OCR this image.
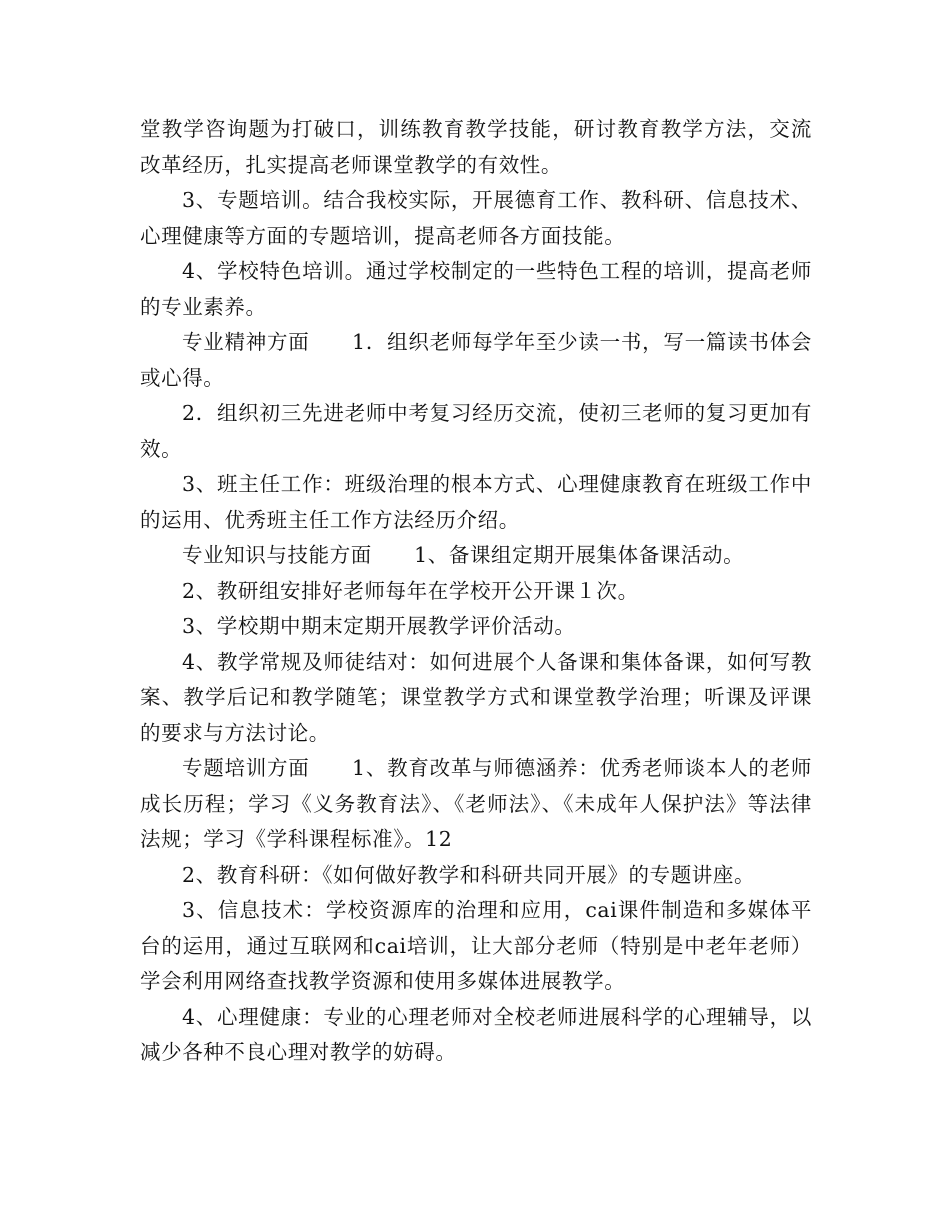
堂教学咨询题为打破口，训练教育教学技能，研讨教育教学方法，交流改革经历，扎实提高老师课堂教学的有效性。

3、专题培训。结合我校实际，开展德育工作、教科研、信息技术、心理健康等方面的专题培训，提高老师各方面技能。

4、学校特色培训。通过学校制定的一些特色工程的培训，提高老师的专业素养。

专业精神方面　　1．组织老师每学年至少读一书，写一篇读书体会或心得。

2．组织初三先进老师中考复习经历交流，使初三老师的复习更加有效。

3、班主任工作：班级治理的根本方式、心理健康教育在班级工作中的运用、优秀班主任工作方法经历介绍。

专业知识与技能方面　　1、备课组定期开展集体备课活动。

2、教研组安排好老师每年在学校开公开课１次。

3、学校期中期末定期开展教学评价活动。

4、教学常规及师徒结对：如何进展个人备课和集体备课，如何写教案、教学后记和教学随笔；课堂教学方式和课堂教学治理；听课及评课的要求与方法讨论。

专题培训方面　　1、教育改革与师德涵养：优秀老师谈本人的老师成长历程；学习《义务教育法》、《老师法》、《未成年人保护法》等法律法规；学习《学科课程标准》。12

2、教育科研：《如何做好教学和科研共同开展》的专题讲座。

3、信息技术：学校资源库的治理和应用，cai课件制造和多媒体平台的运用，通过互联网和cai培训，让大部分老师（特别是中老年老师）学会利用网络查找教学资源和使用多媒体进展教学。

4、心理健康：专业的心理老师对全校老师进展科学的心理辅导，以减少各种不良心理对教学的妨碍。
